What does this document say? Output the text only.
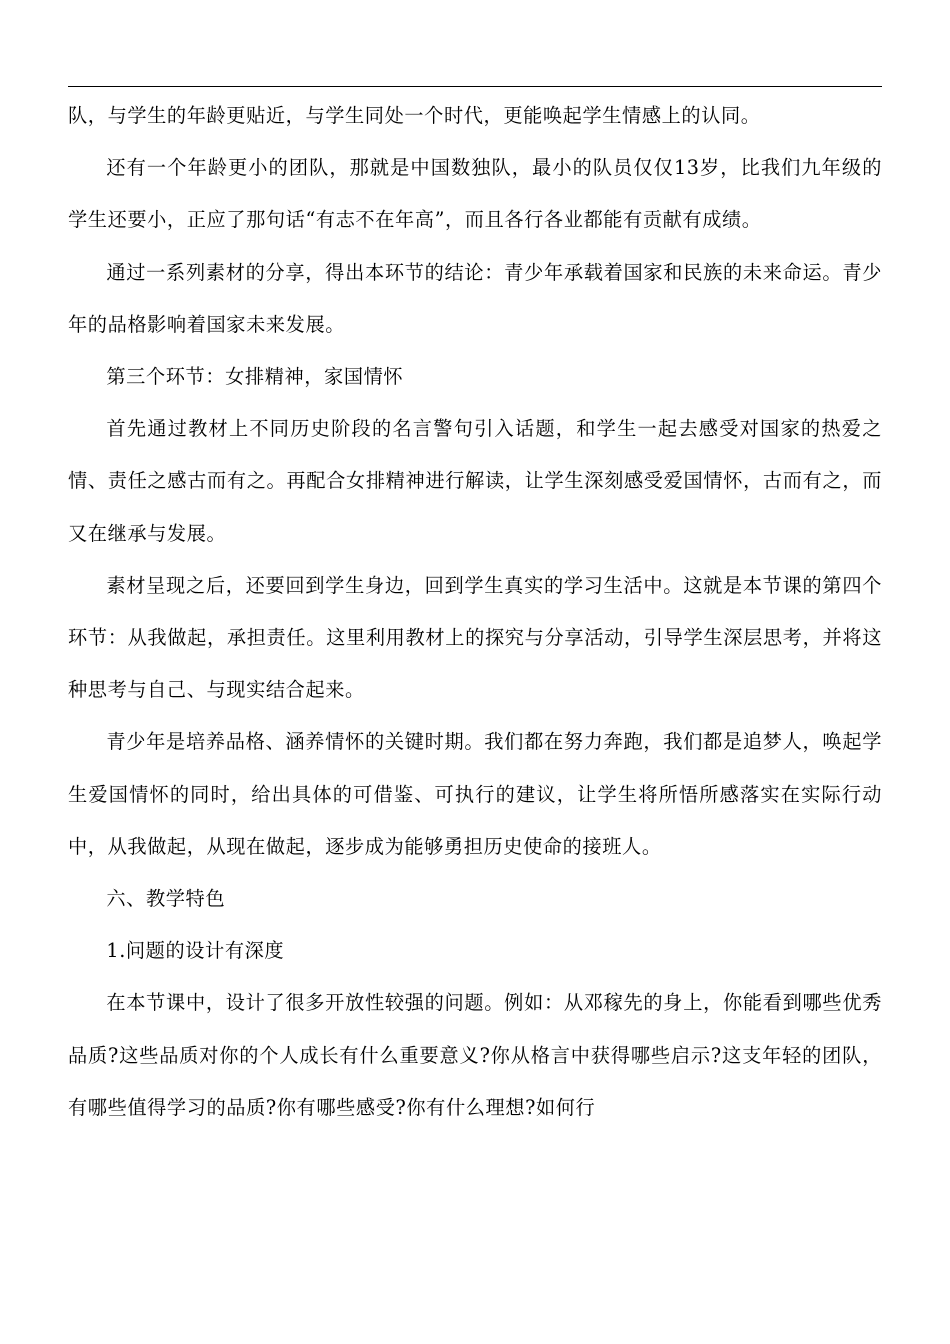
队，与学生的年龄更贴近，与学生同处一个时代，更能唤起学生情感上的认同。

还有一个年龄更小的团队，那就是中国数独队，最小的队员仅仅13岁，比我们九年级的学生还要小，正应了那句话“有志不在年高”，而且各行各业都能有贡献有成绩。

通过一系列素材的分享，得出本环节的结论：青少年承载着国家和民族的未来命运。青少年的品格影响着国家未来发展。

第三个环节：女排精神，家国情怀

首先通过教材上不同历史阶段的名言警句引入话题，和学生一起去感受对国家的热爱之情、责任之感古而有之。再配合女排精神进行解读，让学生深刻感受爱国情怀，古而有之，而又在继承与发展。

素材呈现之后，还要回到学生身边，回到学生真实的学习生活中。这就是本节课的第四个环节：从我做起，承担责任。这里利用教材上的探究与分享活动，引导学生深层思考，并将这种思考与自己、与现实结合起来。

青少年是培养品格、涵养情怀的关键时期。我们都在努力奔跑，我们都是追梦人，唤起学生爱国情怀的同时，给出具体的可借鉴、可执行的建议，让学生将所悟所感落实在实际行动中，从我做起，从现在做起，逐步成为能够勇担历史使命的接班人。

六、教学特色

1.问题的设计有深度

在本节课中，设计了很多开放性较强的问题。例如：从邓稼先的身上，你能看到哪些优秀品质?这些品质对你的个人成长有什么重要意义?你从格言中获得哪些启示?这支年轻的团队，有哪些值得学习的品质?你有哪些感受?你有什么理想?如何行
